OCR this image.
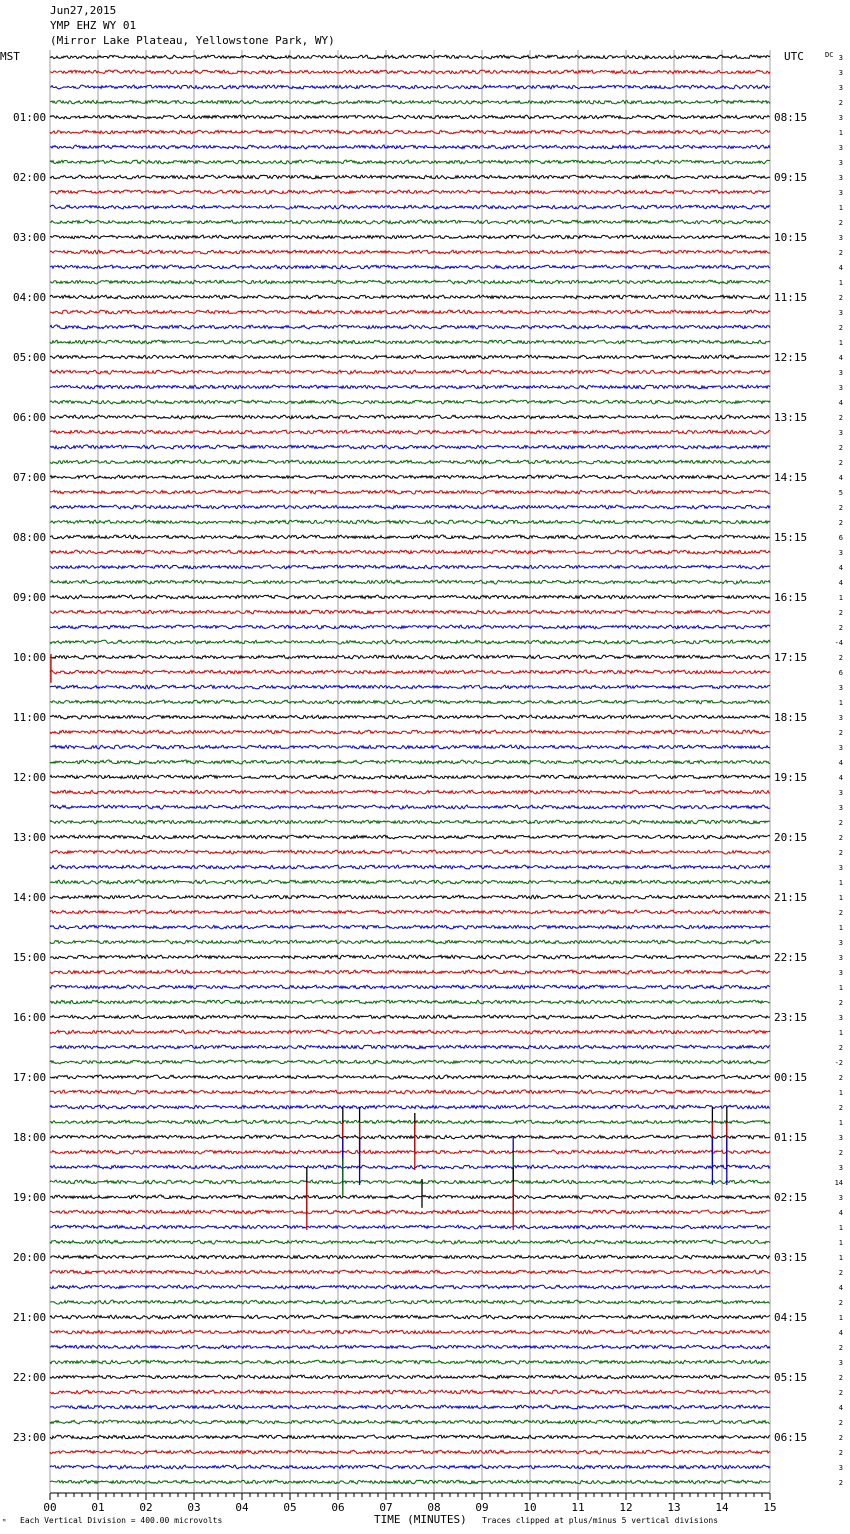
Jun27,2015
YMP EHZ WY 01
(Mirror Lake Plateau, Yellowstone Park, WY)
01:00
02:00
03:00
04:00
05:00
06:00
07:00
08:00
09:00
10:00
11:00
12:00
13:00
14:00
15:00
16:00
17:00
18:00
19:00
20:00
21:00
22:00
23:00
08:15
09:15
10:15
11:15
12:15
13:15
14:15
15:15
16:15
17:15
18:15
19:15
20:15
21:15
22:15
23:15
00:15
01:15
02:15
03:15
04:15
05:15
06:15
3
3
3
2
3
1
3
3
3
3
1
2
3
2
4
1
2
3
2
1
4
3
3
4
2
3
2
2
4
5
2
2
6
3
4
4
1
2
2
-4
2
6
3
1
3
2
3
4
4
3
3
2
2
2
3
1
1
2
1
3
3
3
1
2
3
1
2
-2
2
1
2
1
3
2
3
14
3
4
1
1
1
2
4
2
1
4
2
3
2
2
4
2
2
2
3
2
00	01	02	03	04	05	06	07	08	09	10	11	12	13	14	15
MST	UTC	DC
ᴹ Each Vertical Division = 400.00 microvolts	TIME (MINUTES) Traces clipped at plus/minus 5 vertical divisions
